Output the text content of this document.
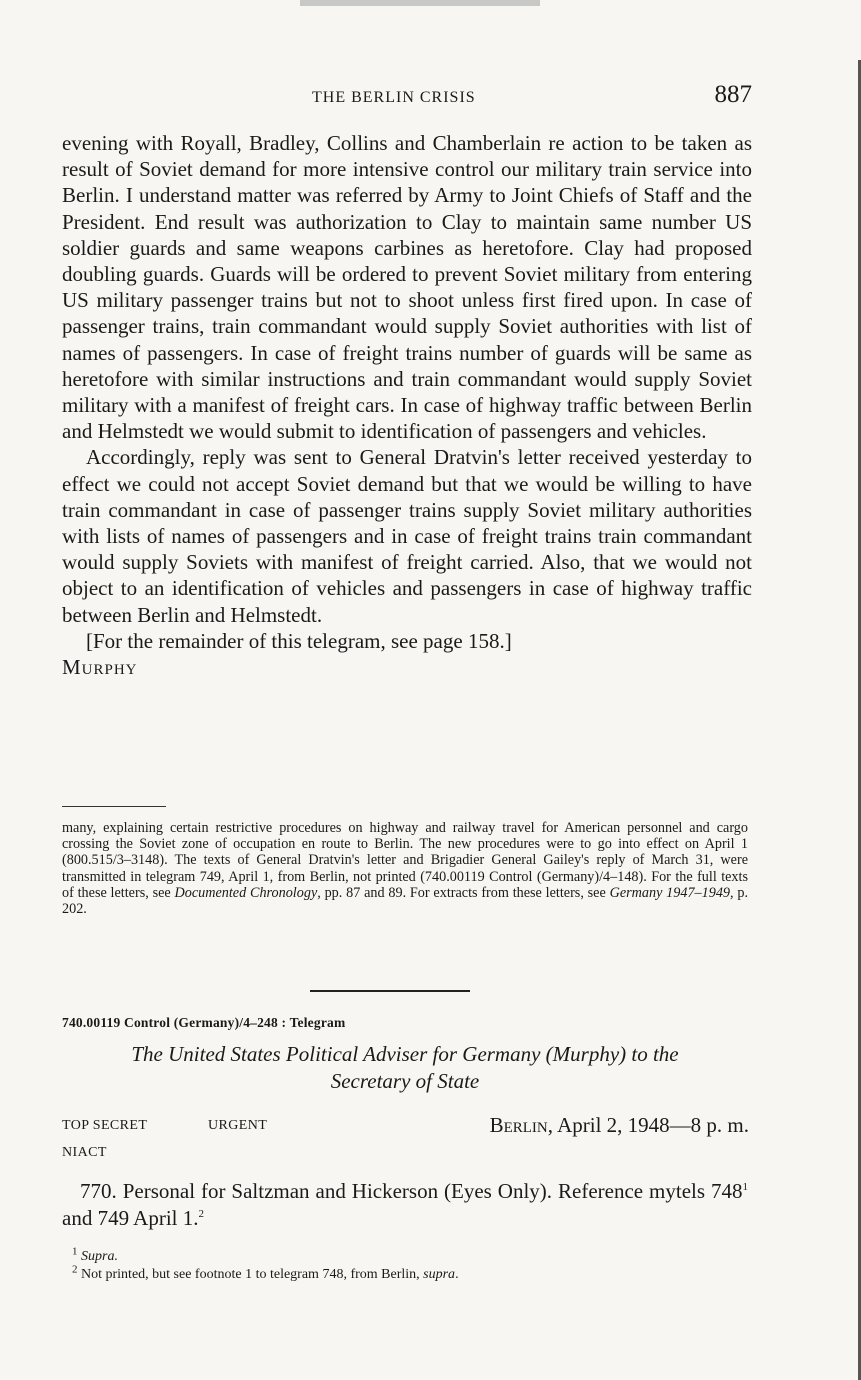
THE BERLIN CRISIS	887

evening with Royall, Bradley, Collins and Chamberlain re action to be taken as result of Soviet demand for more intensive control our military train service into Berlin. I understand matter was referred by Army to Joint Chiefs of Staff and the President. End result was authorization to Clay to maintain same number US soldier guards and same weapons carbines as heretofore. Clay had proposed doubling guards. Guards will be ordered to prevent Soviet military from entering US military passenger trains but not to shoot unless first fired upon. In case of passenger trains, train commandant would supply Soviet authorities with list of names of passengers. In case of freight trains number of guards will be same as heretofore with similar instructions and train commandant would supply Soviet military with a manifest of freight cars. In case of highway traffic between Berlin and Helmstedt we would submit to identification of passengers and vehicles.

Accordingly, reply was sent to General Dratvin's letter received yesterday to effect we could not accept Soviet demand but that we would be willing to have train commandant in case of passenger trains supply Soviet military authorities with lists of names of passengers and in case of freight trains train commandant would supply Soviets with manifest of freight carried. Also, that we would not object to an identification of vehicles and passengers in case of highway traffic between Berlin and Helmstedt.

[For the remainder of this telegram, see page 158.]

Murphy

many, explaining certain restrictive procedures on highway and railway travel for American personnel and cargo crossing the Soviet zone of occupation en route to Berlin. The new procedures were to go into effect on April 1 (800.515/3–3148). The texts of General Dratvin's letter and Brigadier General Gailey's reply of March 31, were transmitted in telegram 749, April 1, from Berlin, not printed (740.00119 Control (Germany)/4–148). For the full texts of these letters, see Documented Chronology, pp. 87 and 89. For extracts from these letters, see Germany 1947–1949, p. 202.
740.00119 Control (Germany)/4–248 : Telegram
The United States Political Adviser for Germany (Murphy) to the
Secretary of State
TOP SECRET	URGENT
NIACT
Berlin, April 2, 1948—8 p. m.
770. Personal for Saltzman and Hickerson (Eyes Only). Reference mytels $748^1$ and 749 April 1.$^2$
$^1$ Supra.
$^2$ Not printed, but see footnote 1 to telegram 748, from Berlin, supra.
